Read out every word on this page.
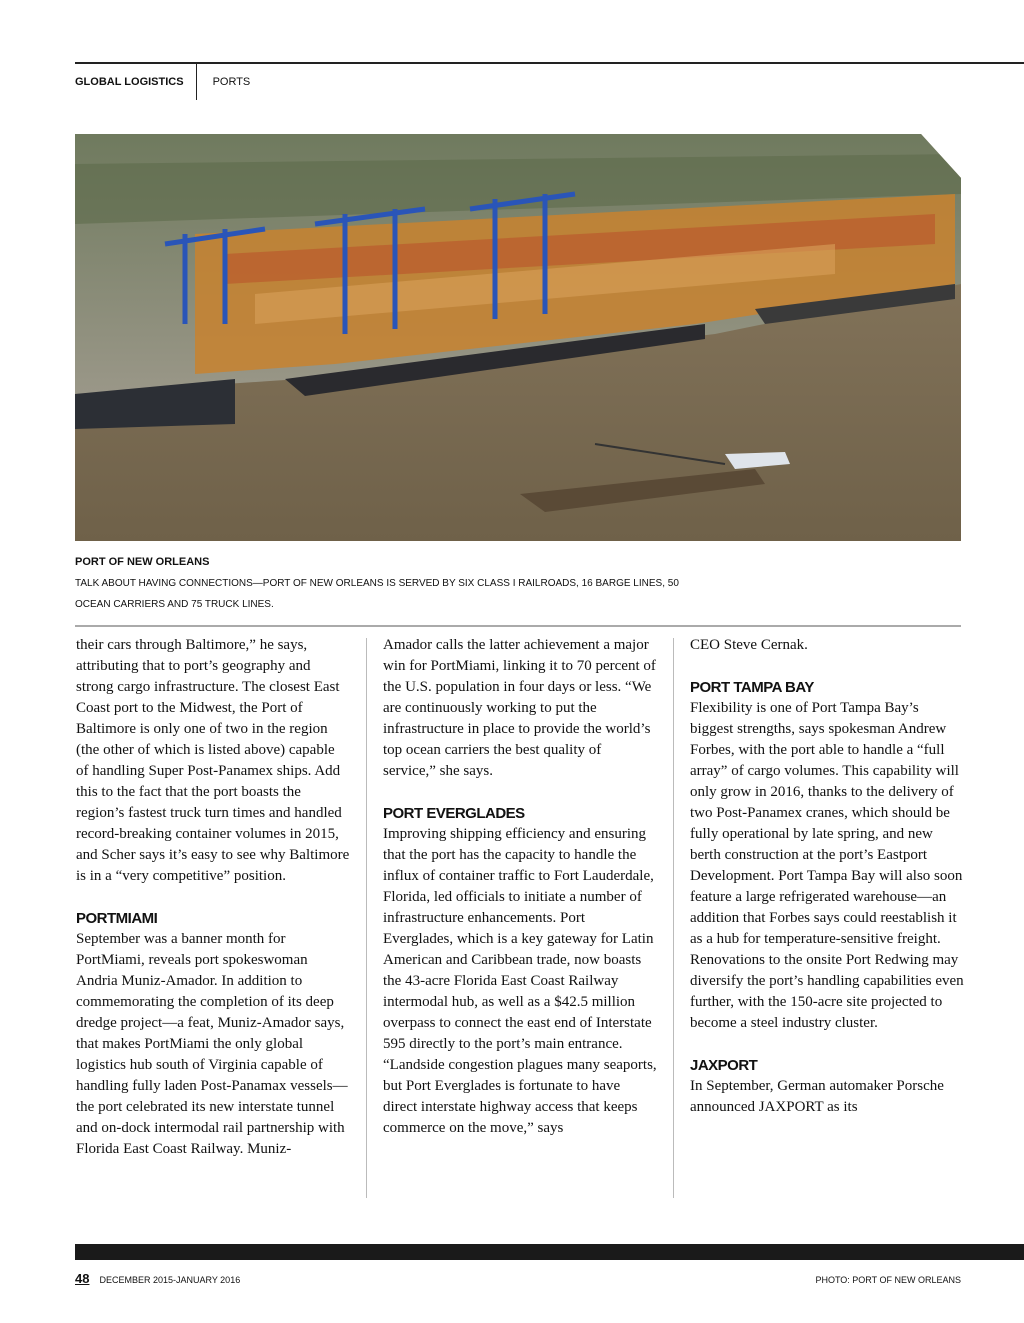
GLOBAL LOGISTICS	PORTS
PORT OF NEW ORLEANS
TALK ABOUT HAVING CONNECTIONS—PORT OF NEW ORLEANS IS SERVED BY SIX CLASS I RAILROADS, 16 BARGE LINES, 50 OCEAN CARRIERS AND 75 TRUCK LINES.

their cars through Baltimore,” he says, attributing that to port’s geography and strong cargo infrastructure. The closest East Coast port to the Midwest, the Port of Baltimore is only one of two in the region (the other of which is listed above) capable of handling Super Post-Panamex ships. Add this to the fact that the port boasts the region’s fastest truck turn times and handled record-breaking container volumes in 2015, and Scher says it’s easy to see why Baltimore is in a “very competitive” position.

PORTMIAMI

September was a banner month for PortMiami, reveals port spokeswoman Andria Muniz-Amador. In addition to commemorating the completion of its deep dredge project—a feat, Muniz-Amador says, that makes PortMiami the only global logistics hub south of Virginia capable of handling fully laden Post-Panamax vessels—the port celebrated its new interstate tunnel and on-dock intermodal rail partnership with Florida East Coast Railway. Muniz-

Amador calls the latter achievement a major win for PortMiami, linking it to 70 percent of the U.S. population in four days or less. “We are continuously working to put the infrastructure in place to provide the world’s top ocean carriers the best quality of service,” she says.

PORT EVERGLADES

Improving shipping efficiency and ensuring that the port has the capacity to handle the influx of container traffic to Fort Lauderdale, Florida, led officials to initiate a number of infrastructure enhancements. Port Everglades, which is a key gateway for Latin American and Caribbean trade, now boasts the 43-acre Florida East Coast Railway intermodal hub, as well as a $42.5 million overpass to connect the east end of Interstate 595 directly to the port’s main entrance. “Landside congestion plagues many seaports, but Port Everglades is fortunate to have direct interstate highway access that keeps commerce on the move,” says

CEO Steve Cernak.

PORT TAMPA BAY

Flexibility is one of Port Tampa Bay’s biggest strengths, says spokesman Andrew Forbes, with the port able to handle a “full array” of cargo volumes. This capability will only grow in 2016, thanks to the delivery of two Post-Panamex cranes, which should be fully operational by late spring, and new berth construction at the port’s Eastport Development. Port Tampa Bay will also soon feature a large refrigerated warehouse—an addition that Forbes says could reestablish it as a hub for temperature-sensitive freight. Renovations to the onsite Port Redwing may diversify the port’s handling capabilities even further, with the 150-acre site projected to become a steel industry cluster.

JAXPORT

In September, German automaker Porsche announced JAXPORT as its

48 DECEMBER 2015-JANUARY 2016	PHOTO: PORT OF NEW ORLEANS
